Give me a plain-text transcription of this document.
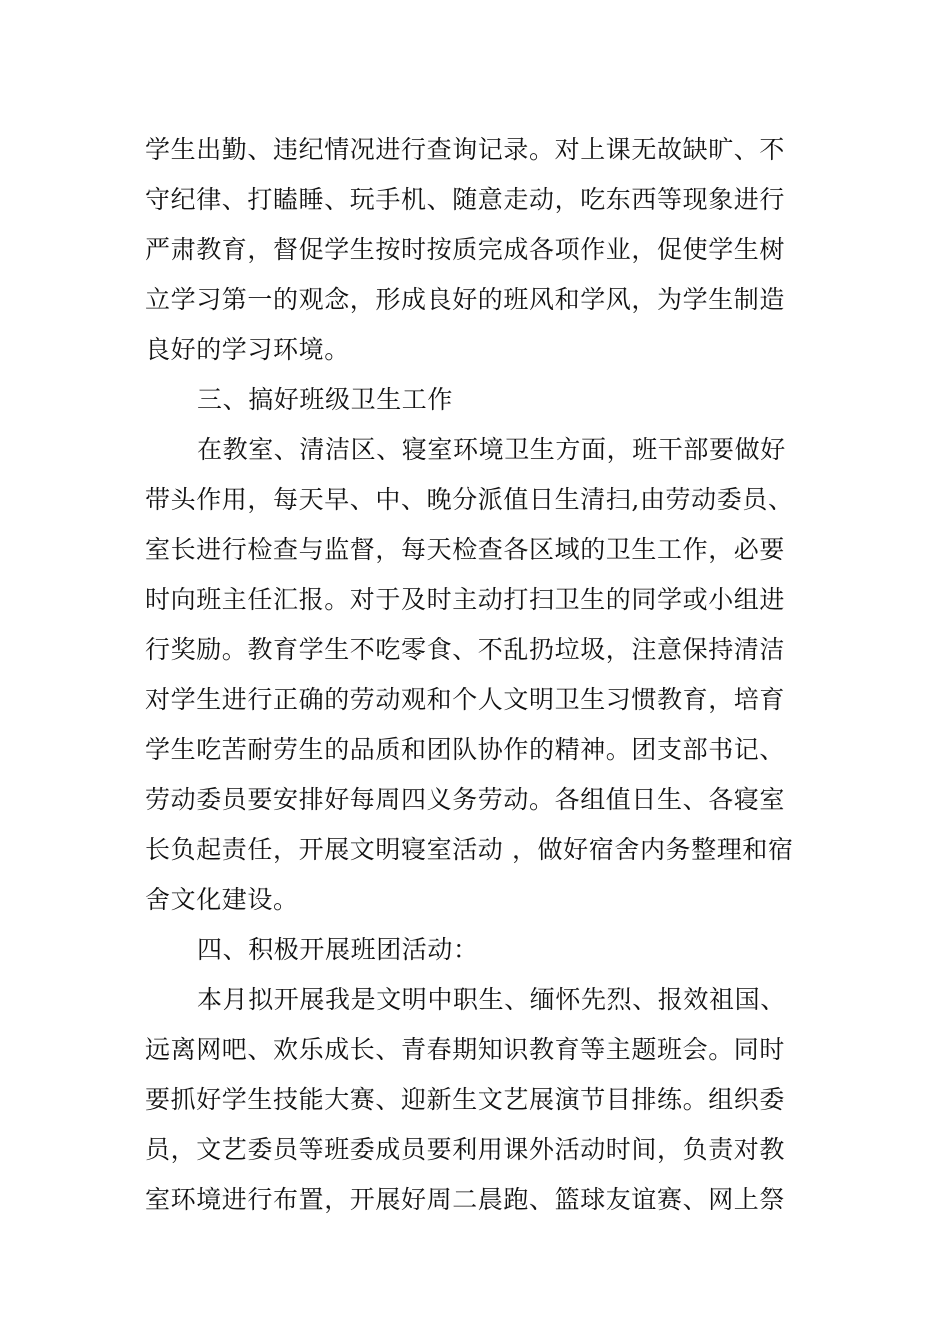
学生出勤、违纪情况进行查询记录。对上课无故缺旷、不
守纪律、打瞌睡、玩手机、随意走动，吃东西等现象进行
严肃教育，督促学生按时按质完成各项作业，促使学生树
立学习第一的观念，形成良好的班风和学风，为学生制造
良好的学习环境。
三、搞好班级卫生工作
在教室、清洁区、寝室环境卫生方面，班干部要做好
带头作用，每天早、中、晚分派值日生清扫,由劳动委员、
室长进行检查与监督，每天检查各区域的卫生工作，必要
时向班主任汇报。对于及时主动打扫卫生的同学或小组进
行奖励。教育学生不吃零食、不乱扔垃圾，注意保持清洁
对学生进行正确的劳动观和个人文明卫生习惯教育，培育
学生吃苦耐劳生的品质和团队协作的精神。团支部书记、
劳动委员要安排好每周四义务劳动。各组值日生、各寝室
长负起责任，开展文明寝室活动 ，做好宿舍内务整理和宿
舍文化建设。
四、积极开展班团活动：
本月拟开展我是文明中职生、缅怀先烈、报效祖国、
远离网吧、欢乐成长、青春期知识教育等主题班会。同时
要抓好学生技能大赛、迎新生文艺展演节目排练。组织委
员，文艺委员等班委成员要利用课外活动时间，负责对教
室环境进行布置，开展好周二晨跑、篮球友谊赛、网上祭
